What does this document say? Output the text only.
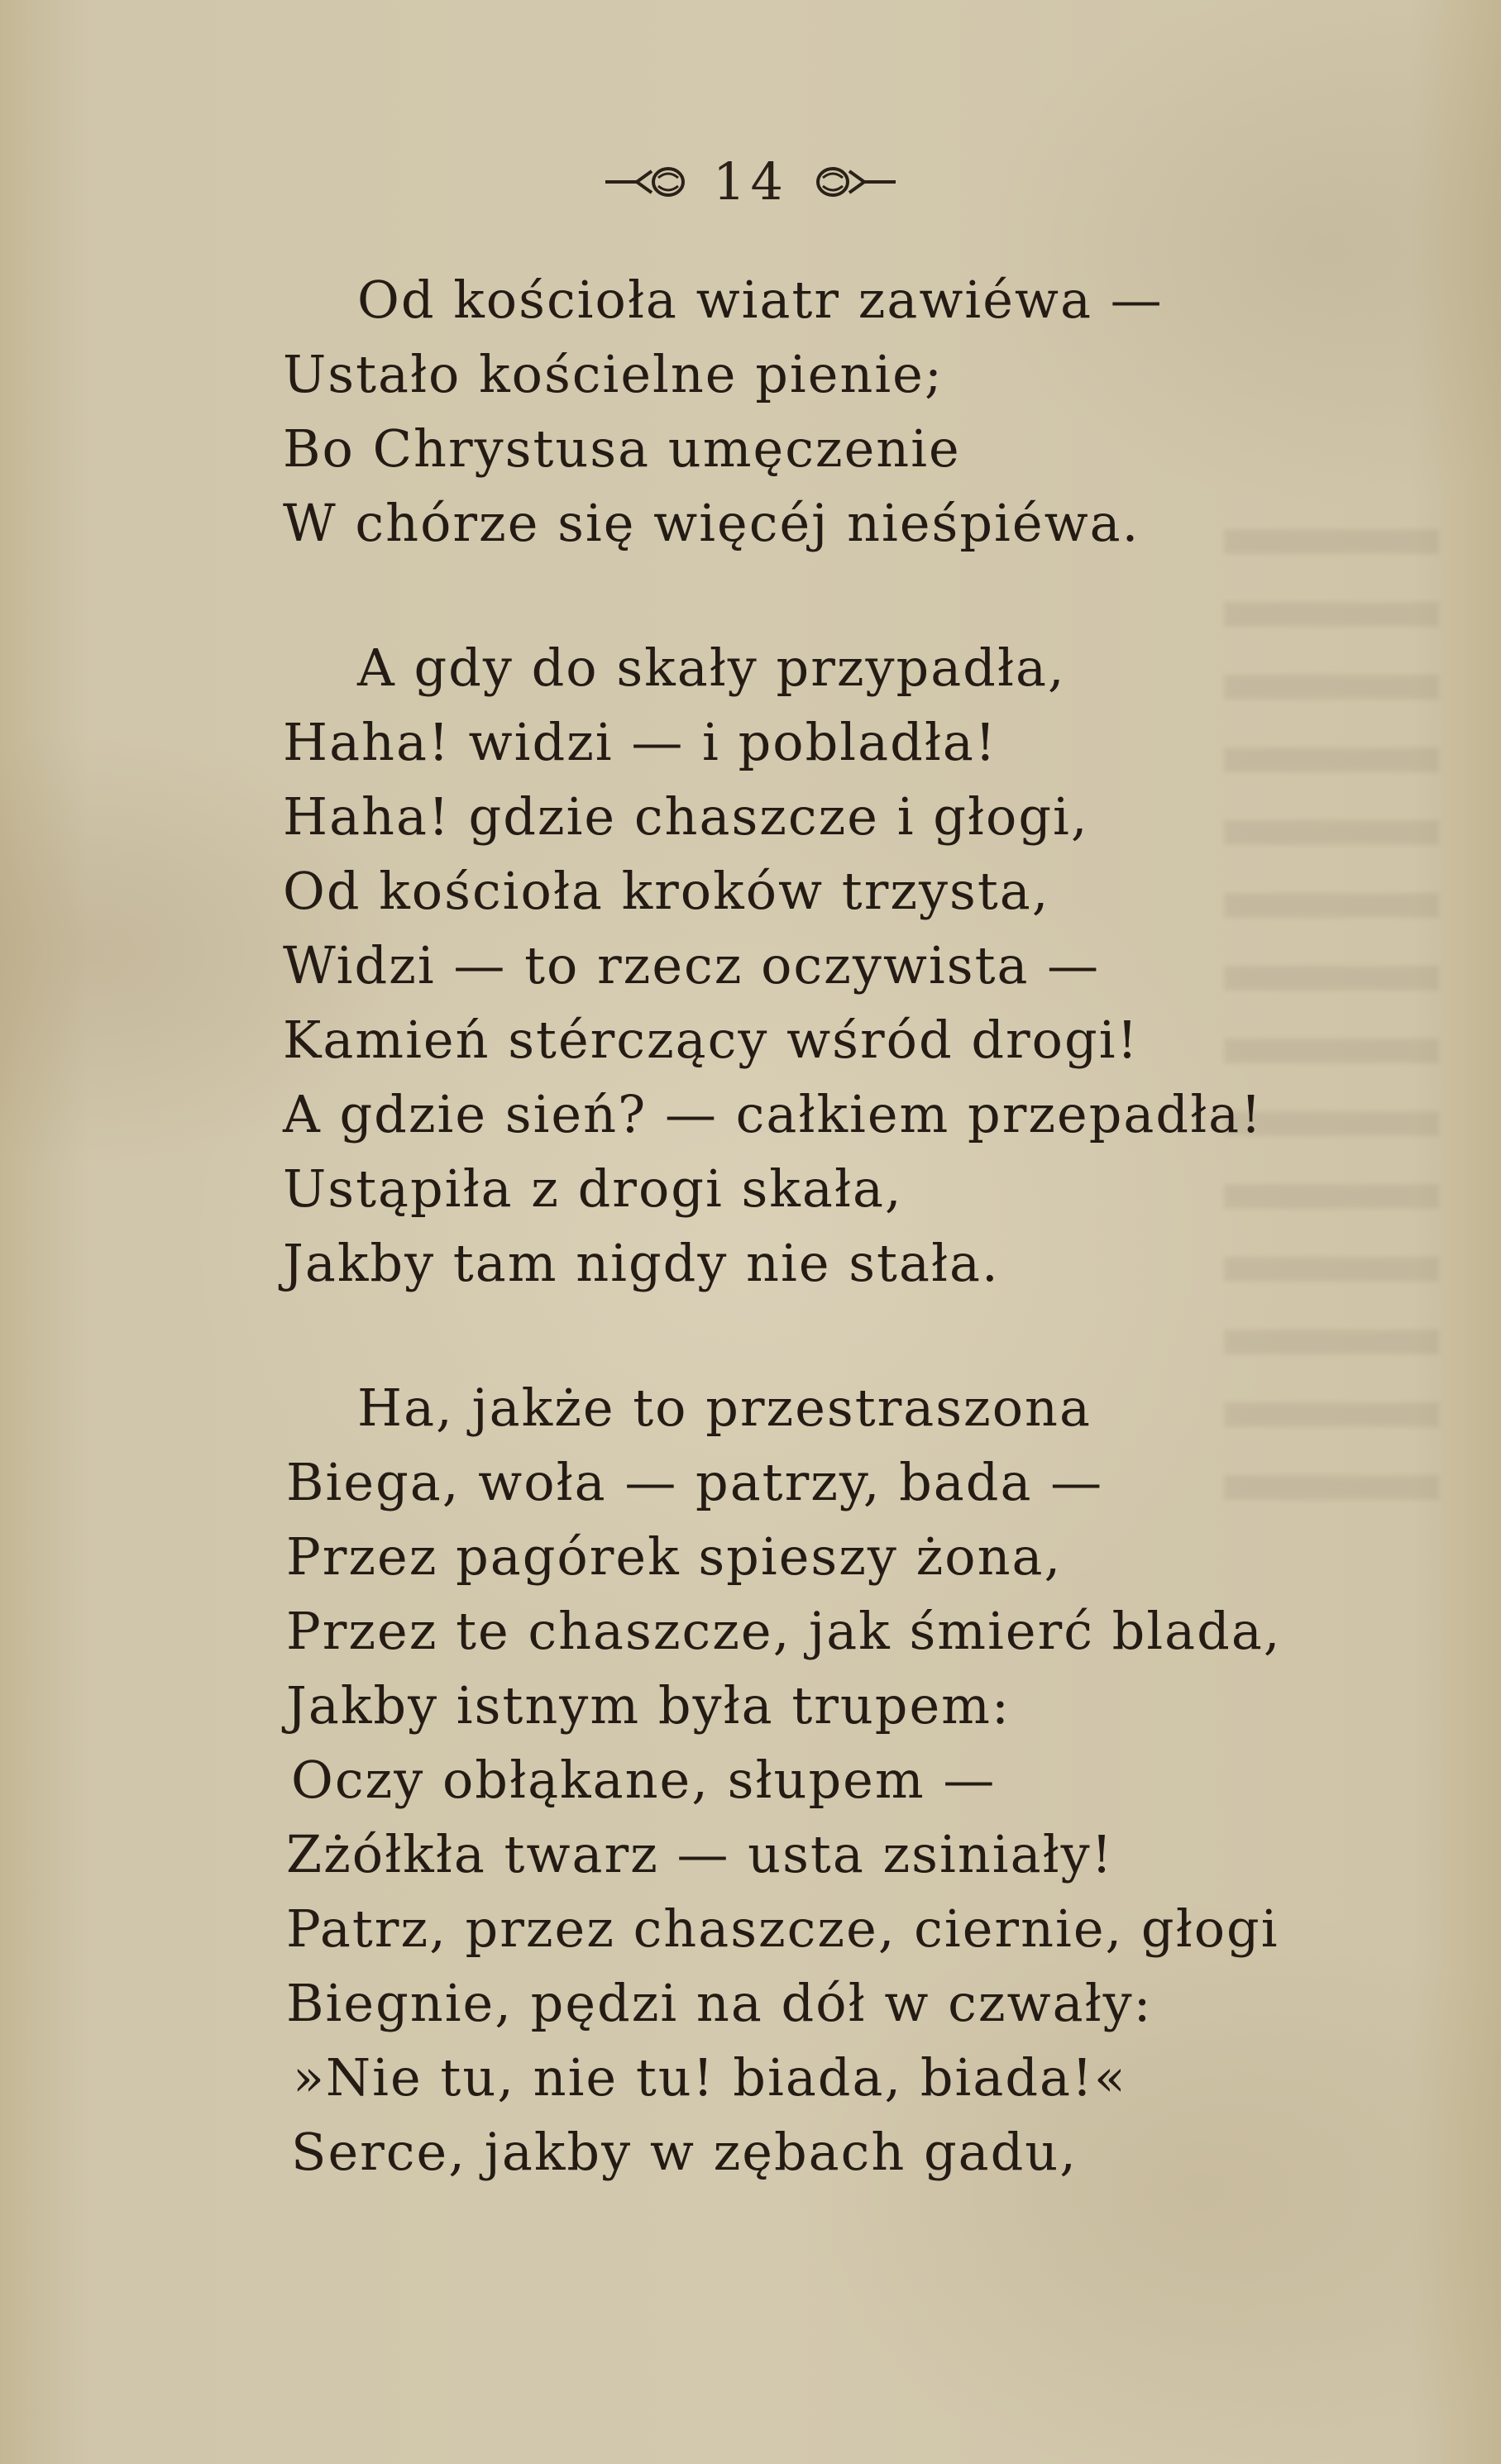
14
Od kościoła wiatr zawiéwa —
Ustało kościelne pienie;
Bo Chrystusa umęczenie
W chórze się więcéj nieśpiéwa.
A gdy do skały przypadła,
Haha! widzi — i pobladła!
Haha! gdzie chaszcze i głogi,
Od kościoła kroków trzysta,
Widzi — to rzecz oczywista —
Kamień stérczący wśród drogi!
A gdzie sień? — całkiem przepadła!
Ustąpiła z drogi skała,
Jakby tam nigdy nie stała.
Ha, jakże to przestraszona
Biega, woła — patrzy, bada —
Przez pagórek spieszy żona,
Przez te chaszcze, jak śmierć blada,
Jakby istnym była trupem:
Oczy obłąkane, słupem —
Zżółkła twarz — usta zsiniały!
Patrz, przez chaszcze, ciernie, głogi
Biegnie, pędzi na dół w czwały:
»Nie tu, nie tu! biada, biada!«
Serce, jakby w zębach gadu,
